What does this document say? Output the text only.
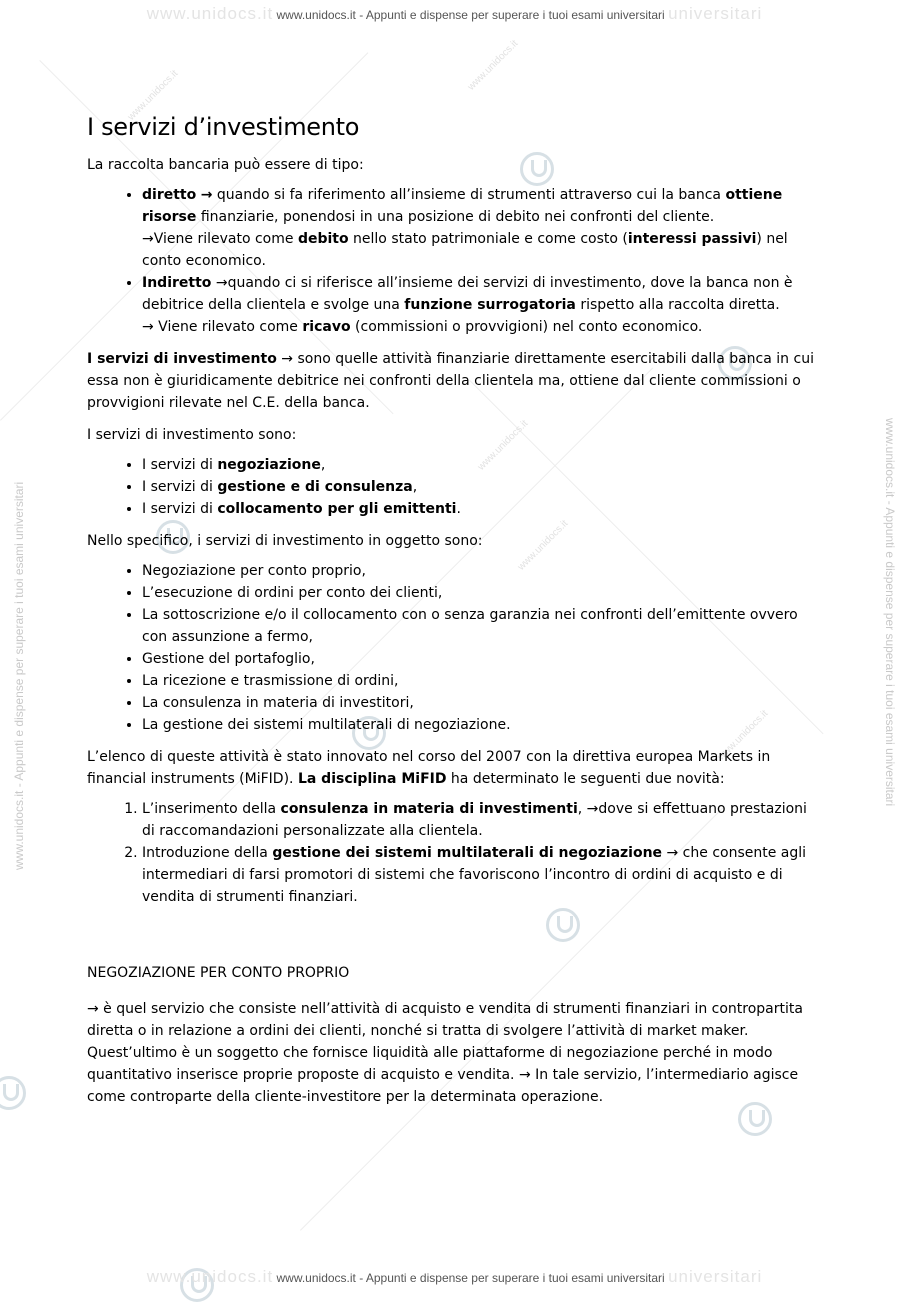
www.unidocs.it
www.unidocs.it
www.unidocs.it
www.unidocs.it
www.unidocs.it
www.unidocs.it www.unidocs.it - Appunti e dispense per superare i tuoi esami universitari universitari
www.unidocs.it www.unidocs.it - Appunti e dispense per superare i tuoi esami universitari universitari
www.unidocs.it - Appunti e dispense per superare i tuoi esami universitari	www.unidocs.it - Appunti e dispense per superare i tuoi esami universitari
I servizi d’investimento

La raccolta bancaria può essere di tipo:

• diretto → quando si fa riferimento all’insieme di strumenti attraverso cui la banca ottiene risorse finanziarie, ponendosi in una posizione di debito nei confronti del cliente.
→Viene rilevato come debito nello stato patrimoniale e come costo (interessi passivi) nel conto economico.
• Indiretto →quando ci si riferisce all’insieme dei servizi di investimento, dove la banca non è debitrice della clientela e svolge una funzione surrogatoria rispetto alla raccolta diretta.
→ Viene rilevato come ricavo (commissioni o provvigioni) nel conto economico.

I servizi di investimento → sono quelle attività finanziarie direttamente esercitabili dalla banca in cui essa non è giuridicamente debitrice nei confronti della clientela ma, ottiene dal cliente commissioni o provvigioni rilevate nel C.E. della banca.

I servizi di investimento sono:

• I servizi di negoziazione,
• I servizi di gestione e di consulenza,
• I servizi di collocamento per gli emittenti.

Nello specifico, i servizi di investimento in oggetto sono:

• Negoziazione per conto proprio,
• L’esecuzione di ordini per conto dei clienti,
• La sottoscrizione e/o il collocamento con o senza garanzia nei confronti dell’emittente ovvero con assunzione a fermo,
• Gestione del portafoglio,
• La ricezione e trasmissione di ordini,
• La consulenza in materia di investitori,
• La gestione dei sistemi multilaterali di negoziazione.

L’elenco di queste attività è stato innovato nel corso del 2007 con la direttiva europea Markets in financial instruments (MiFID). La disciplina MiFID ha determinato le seguenti due novità:

1. L’inserimento della consulenza in materia di investimenti, →dove si effettuano prestazioni di raccomandazioni personalizzate alla clientela.
2. Introduzione della gestione dei sistemi multilaterali di negoziazione → che consente agli intermediari di farsi promotori di sistemi che favoriscono l’incontro di ordini di acquisto e di vendita di strumenti finanziari.

NEGOZIAZIONE PER CONTO PROPRIO

→ è quel servizio che consiste nell’attività di acquisto e vendita di strumenti finanziari in contropartita diretta o in relazione a ordini dei clienti, nonché si tratta di svolgere l’attività di market maker. Quest’ultimo è un soggetto che fornisce liquidità alle piattaforme di negoziazione perché in modo quantitativo inserisce proprie proposte di acquisto e vendita. → In tale servizio, l’intermediario agisce come controparte della cliente-investitore per la determinata operazione.
